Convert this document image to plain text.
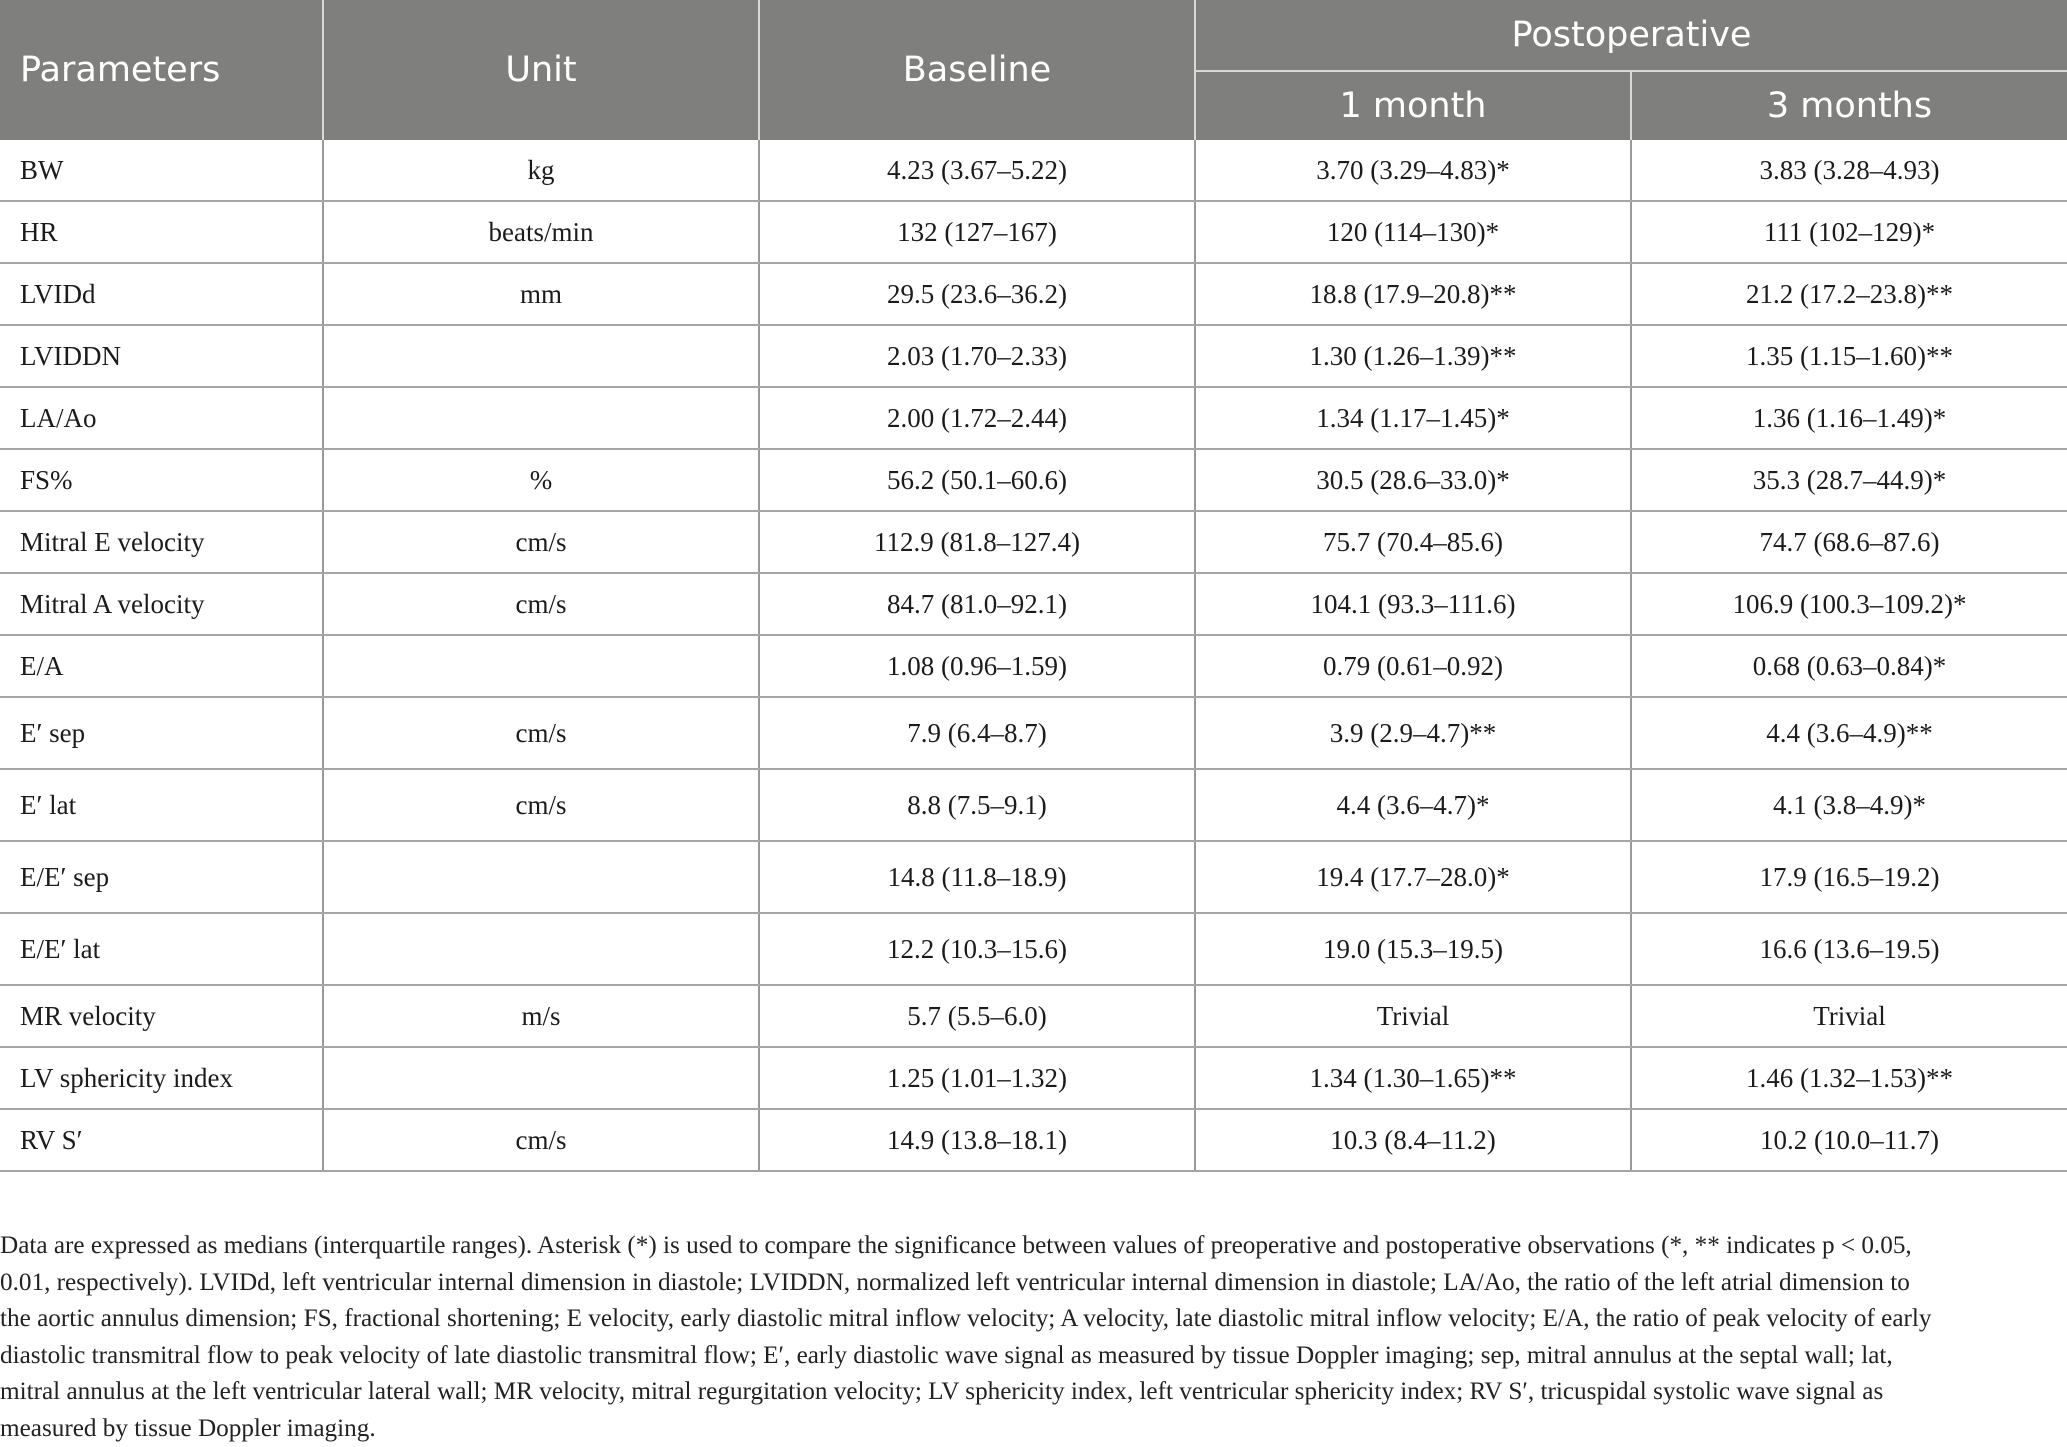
Parameters	Unit	Baseline	Postoperative	
			1 month	3 months
BW	kg	4.23 (3.67–5.22)	3.70 (3.29–4.83)*	3.83 (3.28–4.93)
HR	beats/min	132 (127–167)	120 (114–130)*	111 (102–129)*
LVIDd	mm	29.5 (23.6–36.2)	18.8 (17.9–20.8)**	21.2 (17.2–23.8)**
LVIDDN		2.03 (1.70–2.33)	1.30 (1.26–1.39)**	1.35 (1.15–1.60)**
LA/Ao		2.00 (1.72–2.44)	1.34 (1.17–1.45)*	1.36 (1.16–1.49)*
FS%	%	56.2 (50.1–60.6)	30.5 (28.6–33.0)*	35.3 (28.7–44.9)*
Mitral E velocity	cm/s	112.9 (81.8–127.4)	75.7 (70.4–85.6)	74.7 (68.6–87.6)
Mitral A velocity	cm/s	84.7 (81.0–92.1)	104.1 (93.3–111.6)	106.9 (100.3–109.2)*
E/A		1.08 (0.96–1.59)	0.79 (0.61–0.92)	0.68 (0.63–0.84)*
E′ sep	cm/s	7.9 (6.4–8.7)	3.9 (2.9–4.7)**	4.4 (3.6–4.9)**
E′ lat	cm/s	8.8 (7.5–9.1)	4.4 (3.6–4.7)*	4.1 (3.8–4.9)*
E/E′ sep		14.8 (11.8–18.9)	19.4 (17.7–28.0)*	17.9 (16.5–19.2)
E/E′ lat		12.2 (10.3–15.6)	19.0 (15.3–19.5)	16.6 (13.6–19.5)
MR velocity	m/s	5.7 (5.5–6.0)	Trivial	Trivial
LV sphericity index		1.25 (1.01–1.32)	1.34 (1.30–1.65)**	1.46 (1.32–1.53)**
RV S′	cm/s	14.9 (13.8–18.1)	10.3 (8.4–11.2)	10.2 (10.0–11.7)
Data are expressed as medians (interquartile ranges). Asterisk (*) is used to compare the significance between values of preoperative and postoperative observations (*, ** indicates p < 0.05,
0.01, respectively). LVIDd, left ventricular internal dimension in diastole; LVIDDN, normalized left ventricular internal dimension in diastole; LA/Ao, the ratio of the left atrial dimension to
the aortic annulus dimension; FS, fractional shortening; E velocity, early diastolic mitral inflow velocity; A velocity, late diastolic mitral inflow velocity; E/A, the ratio of peak velocity of early
diastolic transmitral flow to peak velocity of late diastolic transmitral flow; E′, early diastolic wave signal as measured by tissue Doppler imaging; sep, mitral annulus at the septal wall; lat,
mitral annulus at the left ventricular lateral wall; MR velocity, mitral regurgitation velocity; LV sphericity index, left ventricular sphericity index; RV S′, tricuspidal systolic wave signal as
measured by tissue Doppler imaging.
